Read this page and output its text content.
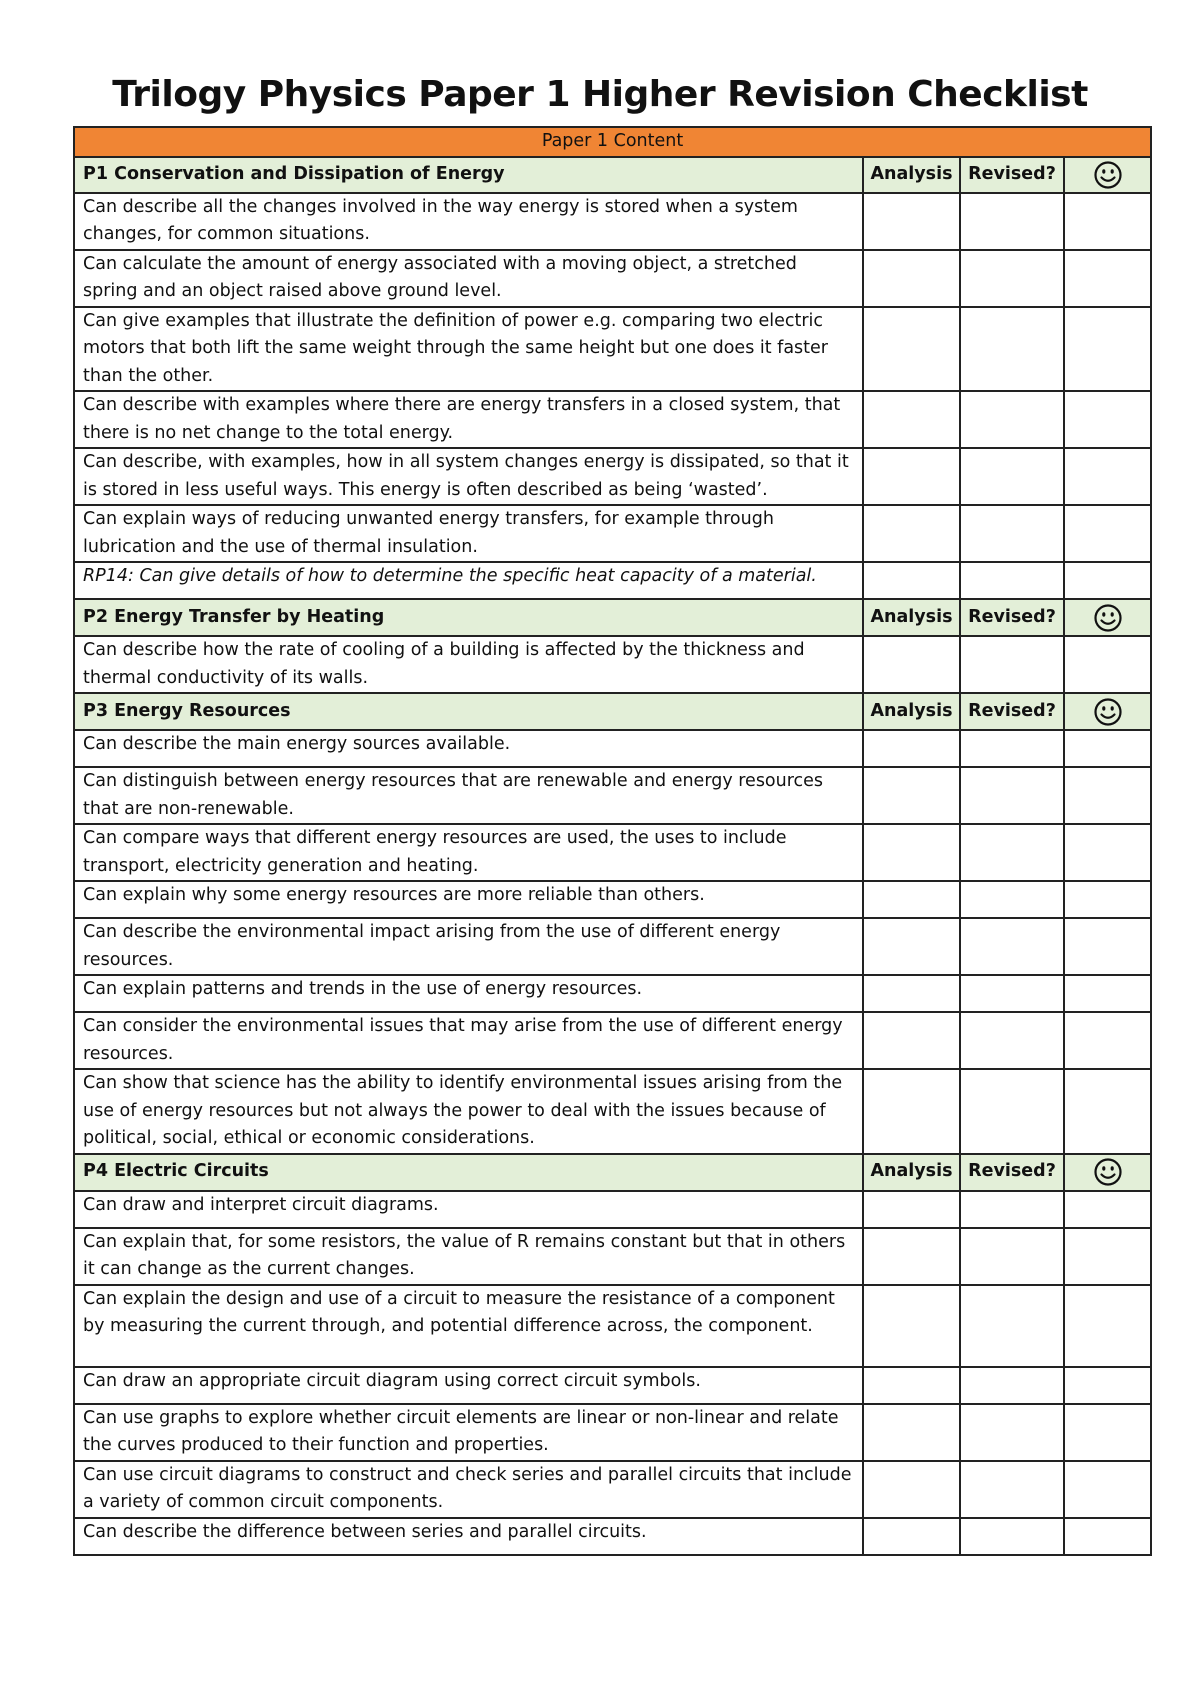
Trilogy Physics Paper 1 Higher Revision Checklist
Paper 1 Content			
P1 Conservation and Dissipation of Energy	Analysis	Revised?	

Can describe all the changes involved in the way energy is stored when a system changes, for common situations.			
Can calculate the amount of energy associated with a moving object, a stretched spring and an object raised above ground level.			
Can give examples that illustrate the definition of power e.g. comparing two electric motors that both lift the same weight through the same height but one does it faster than the other.			
Can describe with examples where there are energy transfers in a closed system, that there is no net change to the total energy.			
Can describe, with examples, how in all system changes energy is dissipated, so that it is stored in less useful ways. This energy is often described as being ‘wasted’.			
Can explain ways of reducing unwanted energy transfers, for example through lubrication and the use of thermal insulation.			
RP14: Can give details of how to determine the specific heat capacity of a material.			
P2 Energy Transfer by Heating	Analysis	Revised?	

Can describe how the rate of cooling of a building is affected by the thickness and thermal conductivity of its walls.			
P3 Energy Resources	Analysis	Revised?	

Can describe the main energy sources available.			
Can distinguish between energy resources that are renewable and energy resources that are non-renewable.			
Can compare ways that different energy resources are used, the uses to include transport, electricity generation and heating.			
Can explain why some energy resources are more reliable than others.			
Can describe the environmental impact arising from the use of different energy resources.			
Can explain patterns and trends in the use of energy resources.			
Can consider the environmental issues that may arise from the use of different energy resources.			
Can show that science has the ability to identify environmental issues arising from the use of energy resources but not always the power to deal with the issues because of political, social, ethical or economic considerations.			
P4 Electric Circuits	Analysis	Revised?	

Can draw and interpret circuit diagrams.			
Can explain that, for some resistors, the value of R remains constant but that in others it can change as the current changes.			
Can explain the design and use of a circuit to measure the resistance of a component by measuring the current through, and potential difference across, the component.			
Can draw an appropriate circuit diagram using correct circuit symbols.			
Can use graphs to explore whether circuit elements are linear or non-linear and relate the curves produced to their function and properties.			
Can use circuit diagrams to construct and check series and parallel circuits that include a variety of common circuit components.			
Can describe the difference between series and parallel circuits.			
